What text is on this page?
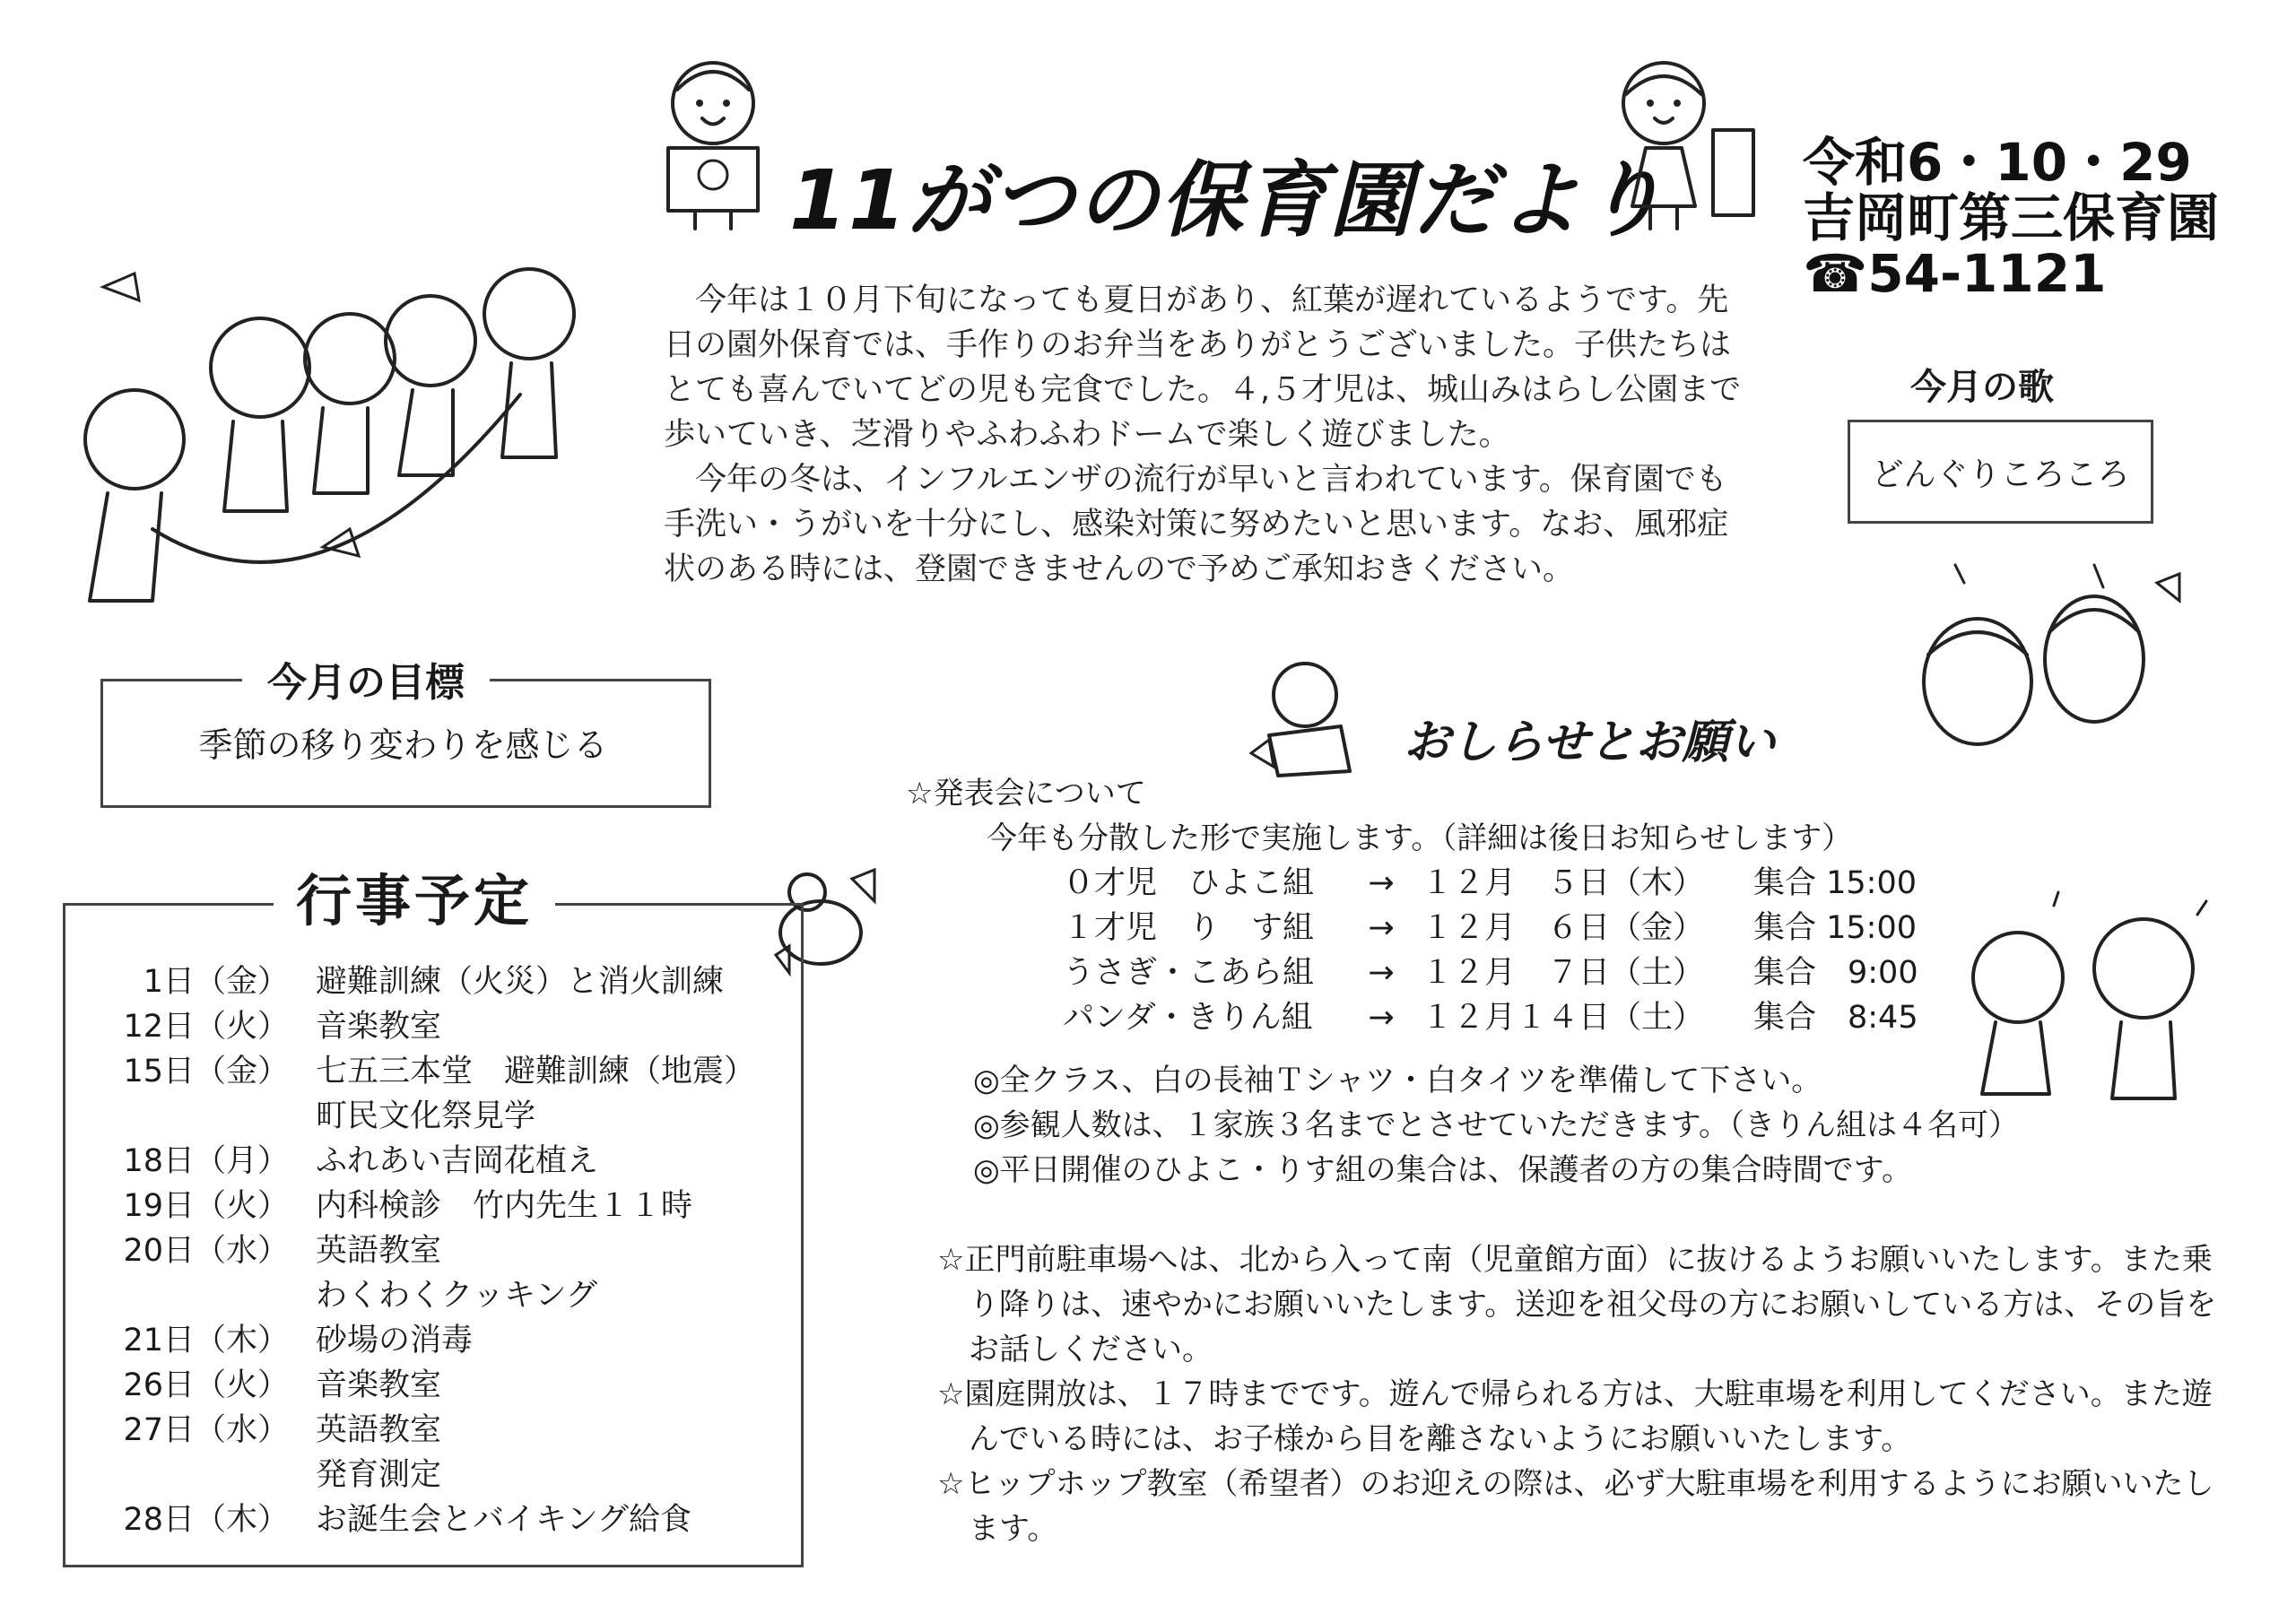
11がつの保育園だより	令和6・10・29
吉岡町第三保育園
☎54-1121

今年は１０月下旬になっても夏日があり、紅葉が遅れているようです。先日の園外保育では、手作りのお弁当をありがとうございました。子供たちはとても喜んでいてどの児も完食でした。４,５才児は、城山みはらし公園まで歩いていき、芝滑りやふわふわドームで楽しく遊びました。

今年の冬は、インフルエンザの流行が早いと言われています。保育園でも手洗い・うがいを十分にし、感染対策に努めたいと思います。なお、風邪症状のある時には、登園できませんので予めご承知おきください。

今月の歌
どんぐりころころ
今月の目標
季節の移り変わりを感じる
行事予定
1日（金） 避難訓練（火災）と消火訓練
12日（火） 音楽教室
15日（金） 七五三本堂　避難訓練（地震）
町民文化祭見学
18日（月） ふれあい吉岡花植え
19日（火） 内科検診　竹内先生１１時
20日（水） 英語教室
わくわくクッキング
21日（木） 砂場の消毒
26日（火） 音楽教室
27日（水） 英語教室
発育測定
28日（木） お誕生会とバイキング給食
おしらせとお願い

☆発表会について

今年も分散した形で実施します。（詳細は後日お知らせします）

０才児　ひよこ組	→	１２月　５日（木）	集合 15:00
１才児　り　す組	→	１２月　６日（金）	集合 15:00
うさぎ・こあら組	→	１２月　７日（土）	集合　9:00
パンダ・きりん組	→	１２月１４日（土）	集合　8:45

◎全クラス、白の長袖Ｔシャツ・白タイツを準備して下さい。

◎参観人数は、１家族３名までとさせていただきます。（きりん組は４名可）

◎平日開催のひよこ・りす組の集合は、保護者の方の集合時間です。

☆正門前駐車場へは、北から入って南（児童館方面）に抜けるようお願いいたします。また乗り降りは、速やかにお願いいたします。送迎を祖父母の方にお願いしている方は、その旨をお話しください。

☆園庭開放は、１７時までです。遊んで帰られる方は、大駐車場を利用してください。また遊んでいる時には、お子様から目を離さないようにお願いいたします。

☆ヒップホップ教室（希望者）のお迎えの際は、必ず大駐車場を利用するようにお願いいたします。
